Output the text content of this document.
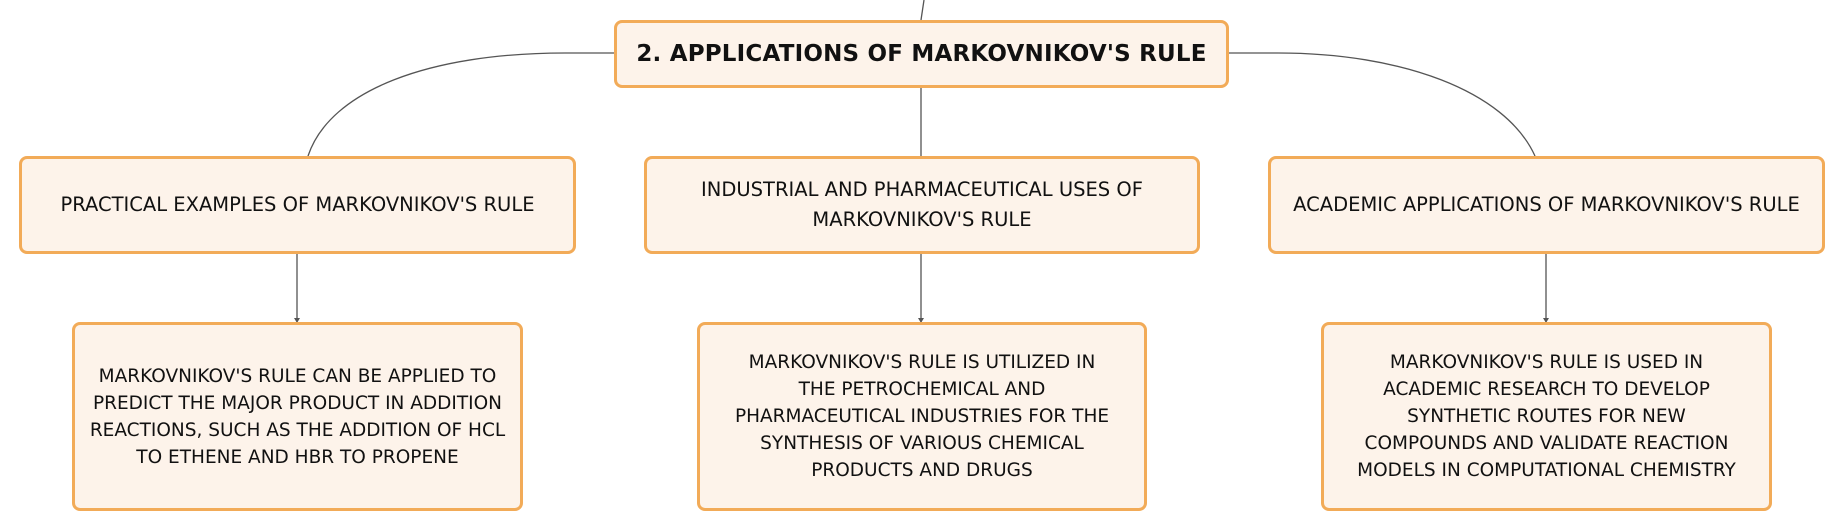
2. APPLICATIONS OF MARKOVNIKOV'S RULE
PRACTICAL EXAMPLES OF MARKOVNIKOV'S RULE
INDUSTRIAL AND PHARMACEUTICAL USES OF MARKOVNIKOV'S RULE
ACADEMIC APPLICATIONS OF MARKOVNIKOV'S RULE
MARKOVNIKOV'S RULE CAN BE APPLIED TO PREDICT THE MAJOR PRODUCT IN ADDITION REACTIONS, SUCH AS THE ADDITION OF HCL TO ETHENE AND HBR TO PROPENE
MARKOVNIKOV'S RULE IS UTILIZED IN THE PETROCHEMICAL AND PHARMACEUTICAL INDUSTRIES FOR THE SYNTHESIS OF VARIOUS CHEMICAL PRODUCTS AND DRUGS
MARKOVNIKOV'S RULE IS USED IN ACADEMIC RESEARCH TO DEVELOP SYNTHETIC ROUTES FOR NEW COMPOUNDS AND VALIDATE REACTION MODELS IN COMPUTATIONAL CHEMISTRY
